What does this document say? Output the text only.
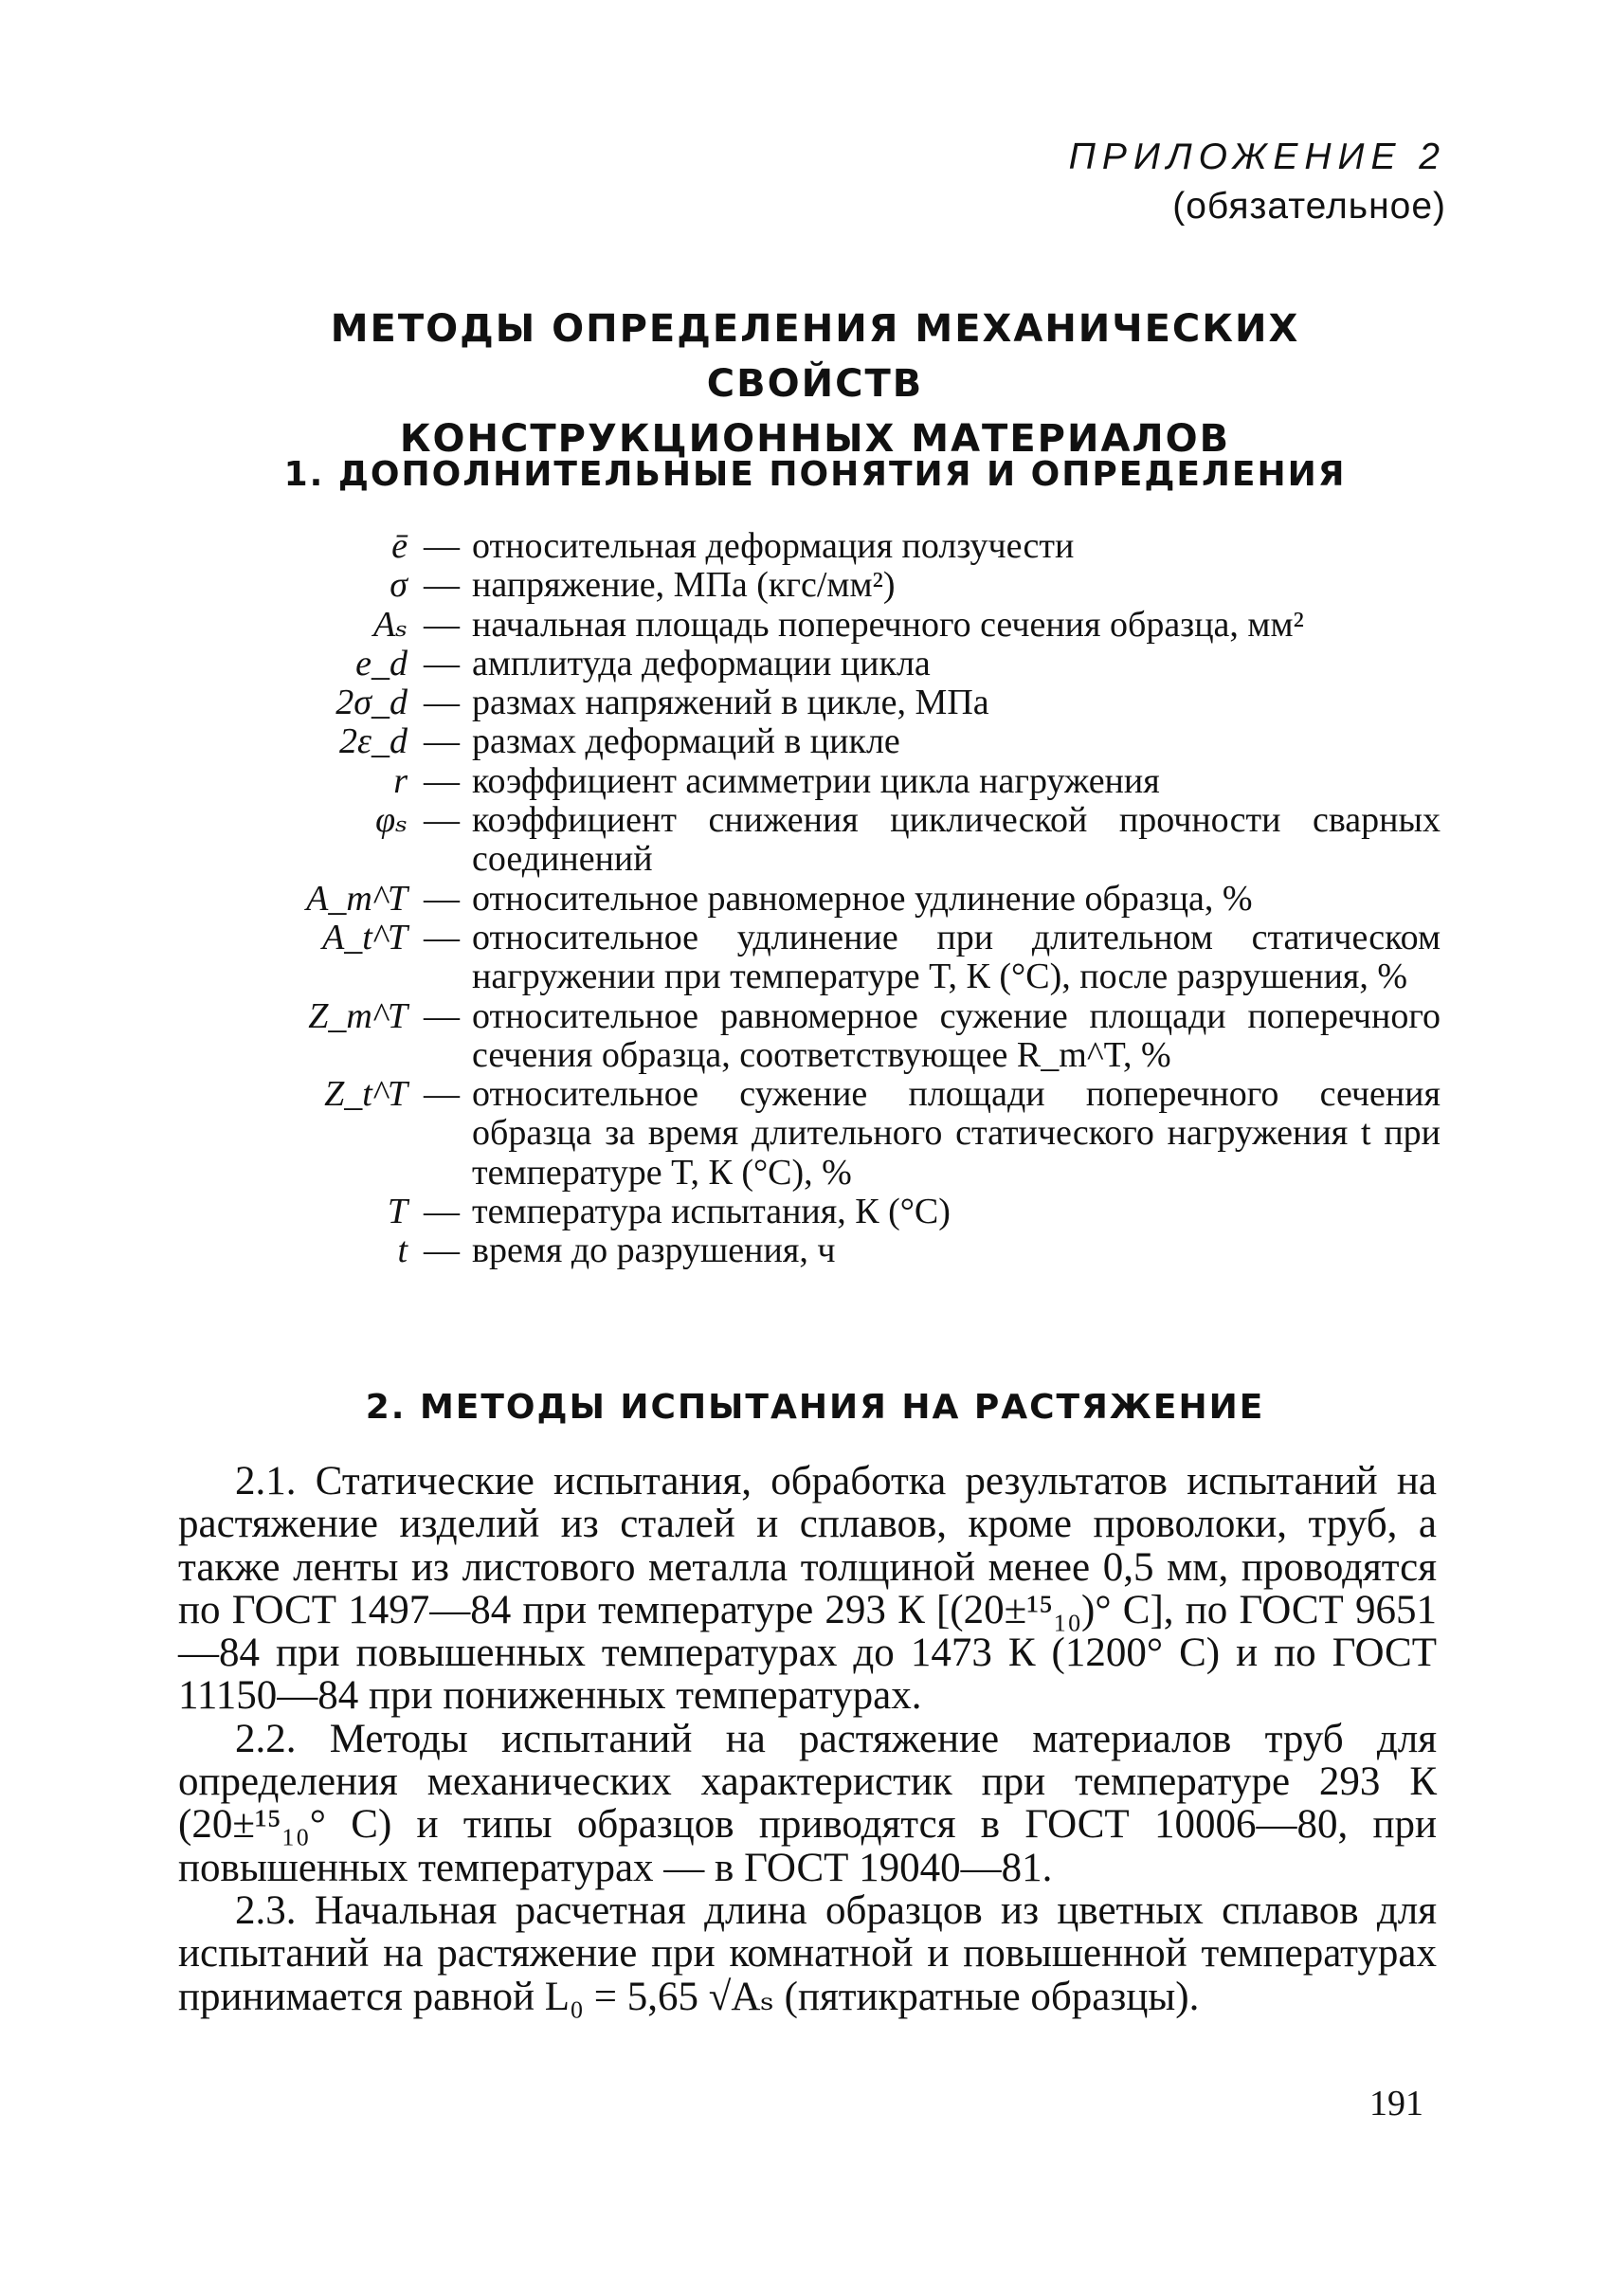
ПРИЛОЖЕНИЕ 2
(обязательное)
МЕТОДЫ ОПРЕДЕЛЕНИЯ МЕХАНИЧЕСКИХ СВОЙСТВ
КОНСТРУКЦИОННЫХ МАТЕРИАЛОВ
1. ДОПОЛНИТЕЛЬНЫЕ ПОНЯТИЯ И ОПРЕДЕЛЕНИЯ
ē — относительная деформация ползучести
σ — напряжение, МПа (кгс/мм²)
Aₛ — начальная площадь поперечного сечения образца, мм²
e_d — амплитуда деформации цикла
2σ_d — размах напряжений в цикле, МПа
2ε_d — размах деформаций в цикле
r — коэффициент асимметрии цикла нагружения
φₛ — коэффициент снижения циклической прочности сварных соединений
A_m^T — относительное равномерное удлинение образца, %
A_t^T — относительное удлинение при длительном статическом нагружении при температуре T, К (°С), после разрушения, %
Z_m^T — относительное равномерное сужение площади поперечного сечения образца, соответствующее R_m^T, %
Z_t^T — относительное сужение площади поперечного сечения образца за время длительного статического нагружения t при температуре T, К (°С), %
T — температура испытания, К (°С)
t — время до разрушения, ч
2. МЕТОДЫ ИСПЫТАНИЯ НА РАСТЯЖЕНИЕ

2.1. Статические испытания, обработка результатов испытаний на растяжение изделий из сталей и сплавов, кроме проволоки, труб, а также ленты из листового металла толщиной менее 0,5 мм, проводятся по ГОСТ 1497—84 при температуре 293 К [(20±¹⁵₁₀)° С], по ГОСТ 9651—84 при повышенных температурах до 1473 К (1200° С) и по ГОСТ 11150—84 при пониженных температурах.

2.2. Методы испытаний на растяжение материалов труб для определения механических характеристик при температуре 293 К (20±¹⁵₁₀° С) и типы образцов приводятся в ГОСТ 10006—80, при повышенных температурах — в ГОСТ 19040—81.

2.3. Начальная расчетная длина образцов из цветных сплавов для испытаний на растяжение при комнатной и повышенной температурах принимается равной L₀ = 5,65 √Aₛ (пятикратные образцы).

191
